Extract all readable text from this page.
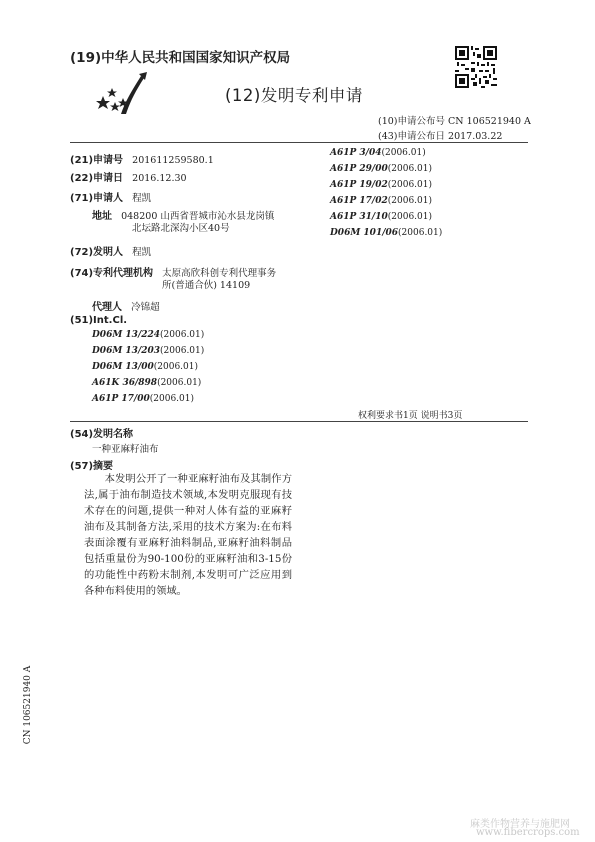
(19)中华人民共和国国家知识产权局
(12)发明专利申请
(10)申请公布号 CN 106521940 A
(43)申请公布日 2017.03.22
(21)申请号 201611259580.1
(22)申请日 2016.12.30
(71)申请人 程凯
地址 048200 山西省晋城市沁水县龙岗镇
北坛路北深沟小区40号
(72)发明人 程凯
(74)专利代理机构 太原高欣科创专利代理事务
所(普通合伙) 14109
代理人 冷锦超
(51)Int.Cl.
D06M 13/224(2006.01)
D06M 13/203(2006.01)
D06M 13/00(2006.01)
A61K 36/898(2006.01)
A61P 17/00(2006.01)
A61P 3/04(2006.01)
A61P 29/00(2006.01)
A61P 19/02(2006.01)
A61P 17/02(2006.01)
A61P 31/10(2006.01)
D06M 101/06(2006.01)
权利要求书1页 说明书3页
(54)发明名称
一种亚麻籽油布
(57)摘要
本发明公开了一种亚麻籽油布及其制作方法,属于油布制造技术领域,本发明克服现有技术存在的问题,提供一种对人体有益的亚麻籽油布及其制备方法,采用的技术方案为:在布料表面涂覆有亚麻籽油料制品,亚麻籽油料制品包括重量份为90-100份的亚麻籽油和3-15份的功能性中药粉末制剂,本发明可广泛应用到各种布料使用的领域。
CN 106521940 A
麻类作物营养与施肥网
www.fibercrops.com
